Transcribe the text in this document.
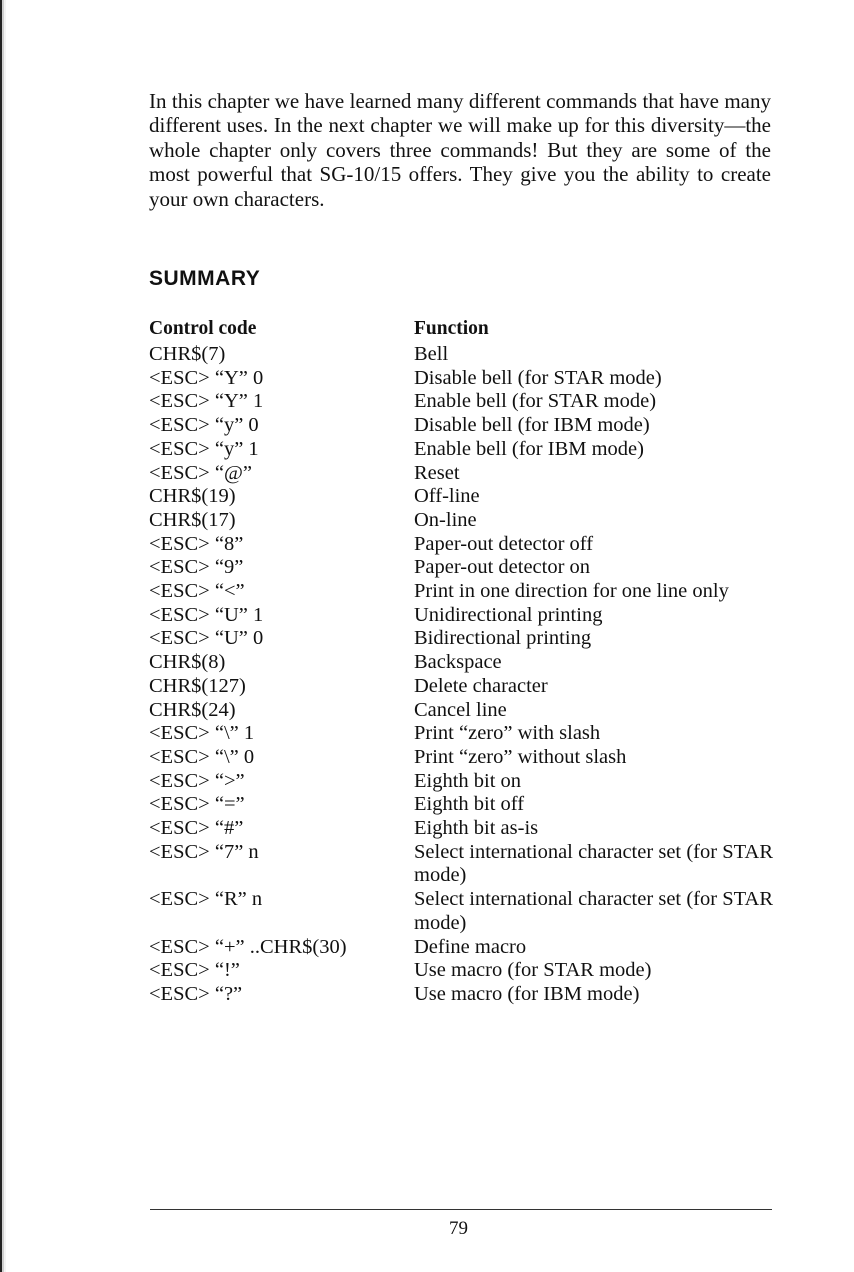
In this chapter we have learned many different commands that have many different uses. In the next chapter we will make up for this diversity—the whole chapter only covers three commands! But they are some of the most powerful that SG-10/15 offers. They give you the ability to create your own characters.

SUMMARY
Control code	Function
CHR$(7)	Bell
<ESC> “Y” 0	Disable bell (for STAR mode)
<ESC> “Y” 1	Enable bell (for STAR mode)
<ESC> “y” 0	Disable bell (for IBM mode)
<ESC> “y” 1	Enable bell (for IBM mode)
<ESC> “@”	Reset
CHR$(19)	Off-line
CHR$(17)	On-line
<ESC> “8”	Paper-out detector off
<ESC> “9”	Paper-out detector on
<ESC> “<”	Print in one direction for one line only
<ESC> “U” 1	Unidirectional printing
<ESC> “U” 0	Bidirectional printing
CHR$(8)	Backspace
CHR$(127)	Delete character
CHR$(24)	Cancel line
<ESC> “\” 1	Print “zero” with slash
<ESC> “\” 0	Print “zero” without slash
<ESC> “>”	Eighth bit on
<ESC> “=”	Eighth bit off
<ESC> “#”	Eighth bit as-is
<ESC> “7” n	Select international character set (for STAR mode)
<ESC> “R” n	Select international character set (for STAR mode)
<ESC> “+” ..CHR$(30)	Define macro
<ESC> “!”	Use macro (for STAR mode)
<ESC> “?”	Use macro (for IBM mode)
79
